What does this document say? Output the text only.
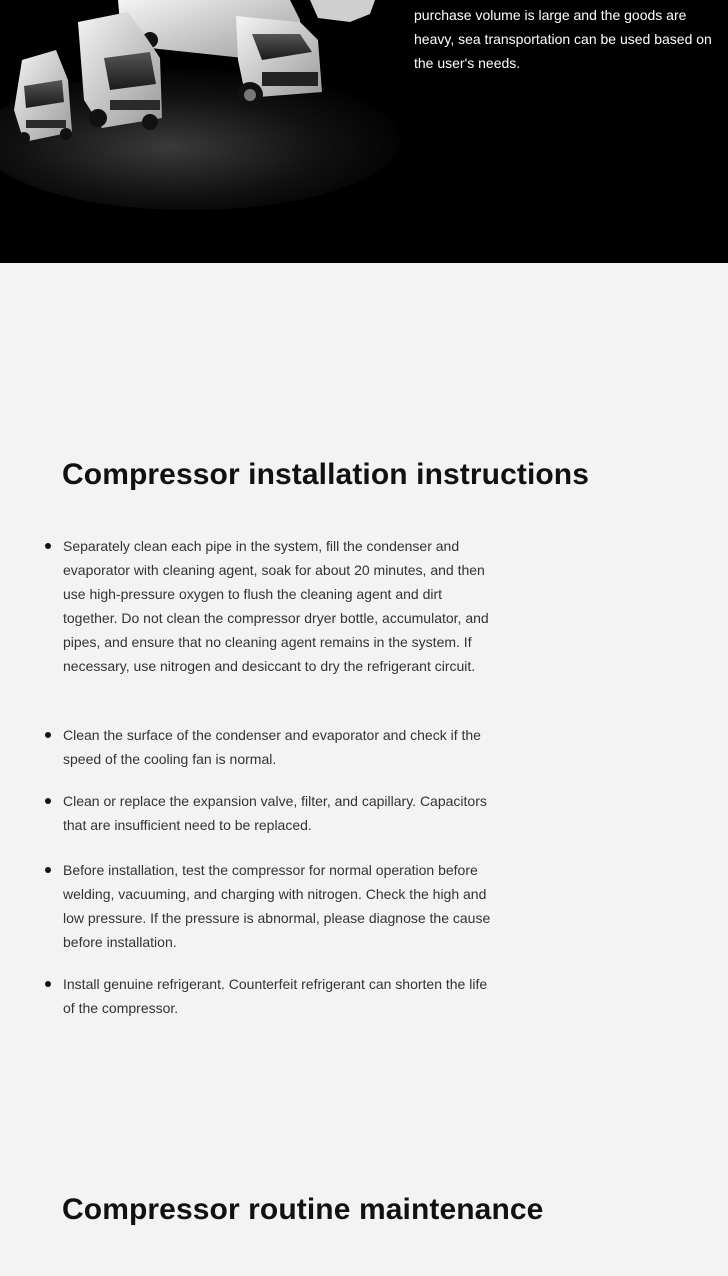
purchase volume is large and the goods are heavy, sea transportation can be used based on the user's needs.

Compressor installation instructions
Separately clean each pipe in the system, fill the condenser and evaporator with cleaning agent, soak for about 20 minutes, and then use high-pressure oxygen to flush the cleaning agent and dirt together. Do not clean the compressor dryer bottle, accumulator, and pipes, and ensure that no cleaning agent remains in the system. If necessary, use nitrogen and desiccant to dry the refrigerant circuit.
Clean the surface of the condenser and evaporator and check if the speed of the cooling fan is normal.
Clean or replace the expansion valve, filter, and capillary. Capacitors that are insufficient need to be replaced.
Before installation, test the compressor for normal operation before welding, vacuuming, and charging with nitrogen. Check the high and low pressure. If the pressure is abnormal, please diagnose the cause before installation.
Install genuine refrigerant. Counterfeit refrigerant can shorten the life of the compressor.
Compressor routine maintenance
